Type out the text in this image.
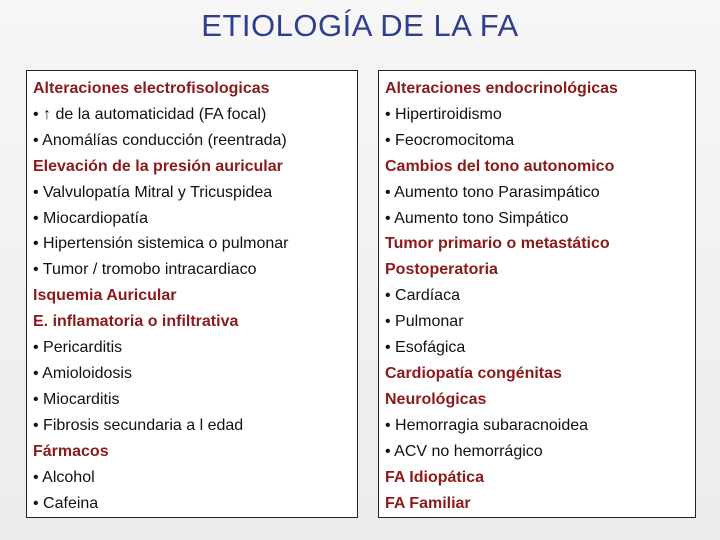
ETIOLOGÍA DE LA FA
Alteraciones electrofisologicas
• ↑ de la automaticidad (FA focal)
• Anomálías conducción (reentrada)
Elevación de la presión auricular
• Valvulopatía Mitral y Tricuspidea
• Miocardiopatía
• Hipertensión sistemica o pulmonar
• Tumor / tromobo intracardiaco
Isquemia Auricular
E. inflamatoria o infiltrativa
• Pericarditis
• Amioloidosis
• Miocarditis
• Fibrosis secundaria a l edad
Fármacos
• Alcohol
• Cafeina
Alteraciones endocrinológicas
• Hipertiroidismo
• Feocromocitoma
Cambios del tono autonomico
• Aumento tono Parasimpático
• Aumento tono Simpático
Tumor primario o metastático
Postoperatoria
• Cardíaca
• Pulmonar
• Esofágica
Cardiopatía congénitas
Neurológicas
• Hemorragia subaracnoidea
• ACV no hemorrágico
FA Idiopática
FA Familiar
